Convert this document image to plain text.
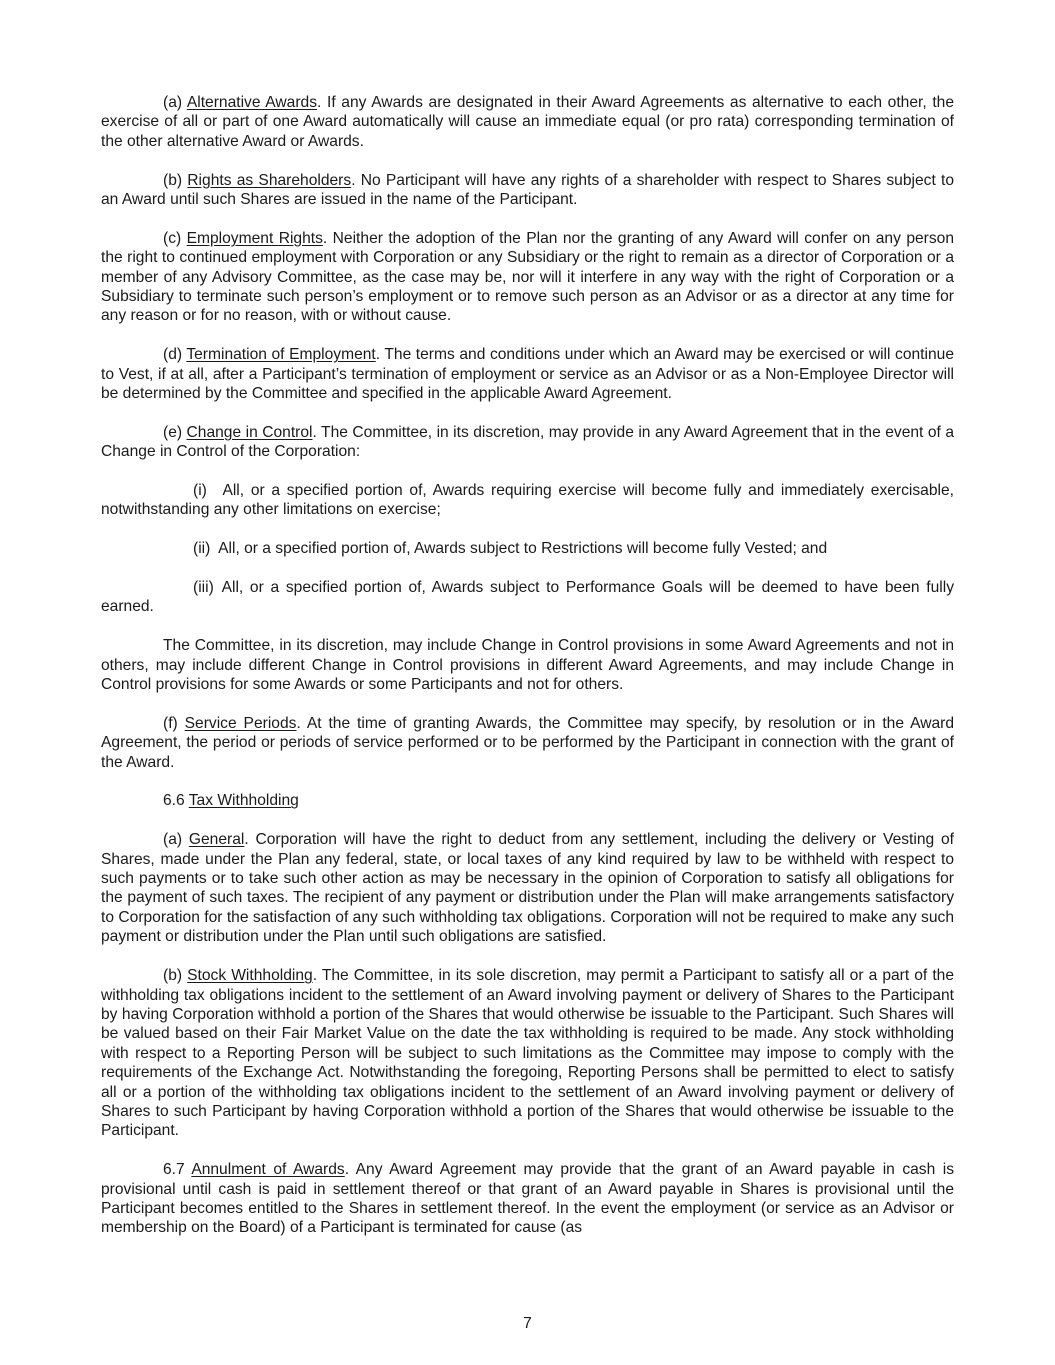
(a) Alternative Awards. If any Awards are designated in their Award Agreements as alternative to each other, the exercise of all or part of one Award automatically will cause an immediate equal (or pro rata) corresponding termination of the other alternative Award or Awards.

(b) Rights as Shareholders. No Participant will have any rights of a shareholder with respect to Shares subject to an Award until such Shares are issued in the name of the Participant.

(c) Employment Rights. Neither the adoption of the Plan nor the granting of any Award will confer on any person the right to continued employment with Corporation or any Subsidiary or the right to remain as a director of Corporation or a member of any Advisory Committee, as the case may be, nor will it interfere in any way with the right of Corporation or a Subsidiary to terminate such person’s employment or to remove such person as an Advisor or as a director at any time for any reason or for no reason, with or without cause.

(d) Termination of Employment. The terms and conditions under which an Award may be exercised or will continue to Vest, if at all, after a Participant’s termination of employment or service as an Advisor or as a Non-Employee Director will be determined by the Committee and specified in the applicable Award Agreement.

(e) Change in Control. The Committee, in its discretion, may provide in any Award Agreement that in the event of a Change in Control of the Corporation:

(i) All, or a specified portion of, Awards requiring exercise will become fully and immediately exercisable, notwithstanding any other limitations on exercise;

(ii) All, or a specified portion of, Awards subject to Restrictions will become fully Vested; and

(iii) All, or a specified portion of, Awards subject to Performance Goals will be deemed to have been fully earned.

The Committee, in its discretion, may include Change in Control provisions in some Award Agreements and not in others, may include different Change in Control provisions in different Award Agreements, and may include Change in Control provisions for some Awards or some Participants and not for others.

(f) Service Periods. At the time of granting Awards, the Committee may specify, by resolution or in the Award Agreement, the period or periods of service performed or to be performed by the Participant in connection with the grant of the Award.

6.6 Tax Withholding

(a) General. Corporation will have the right to deduct from any settlement, including the delivery or Vesting of Shares, made under the Plan any federal, state, or local taxes of any kind required by law to be withheld with respect to such payments or to take such other action as may be necessary in the opinion of Corporation to satisfy all obligations for the payment of such taxes. The recipient of any payment or distribution under the Plan will make arrangements satisfactory to Corporation for the satisfaction of any such withholding tax obligations. Corporation will not be required to make any such payment or distribution under the Plan until such obligations are satisfied.

(b) Stock Withholding. The Committee, in its sole discretion, may permit a Participant to satisfy all or a part of the withholding tax obligations incident to the settlement of an Award involving payment or delivery of Shares to the Participant by having Corporation withhold a portion of the Shares that would otherwise be issuable to the Participant. Such Shares will be valued based on their Fair Market Value on the date the tax withholding is required to be made. Any stock withholding with respect to a Reporting Person will be subject to such limitations as the Committee may impose to comply with the requirements of the Exchange Act. Notwithstanding the foregoing, Reporting Persons shall be permitted to elect to satisfy all or a portion of the withholding tax obligations incident to the settlement of an Award involving payment or delivery of Shares to such Participant by having Corporation withhold a portion of the Shares that would otherwise be issuable to the Participant.

6.7 Annulment of Awards. Any Award Agreement may provide that the grant of an Award payable in cash is provisional until cash is paid in settlement thereof or that grant of an Award payable in Shares is provisional until the Participant becomes entitled to the Shares in settlement thereof. In the event the employment (or service as an Advisor or membership on the Board) of a Participant is terminated for cause (as

7
